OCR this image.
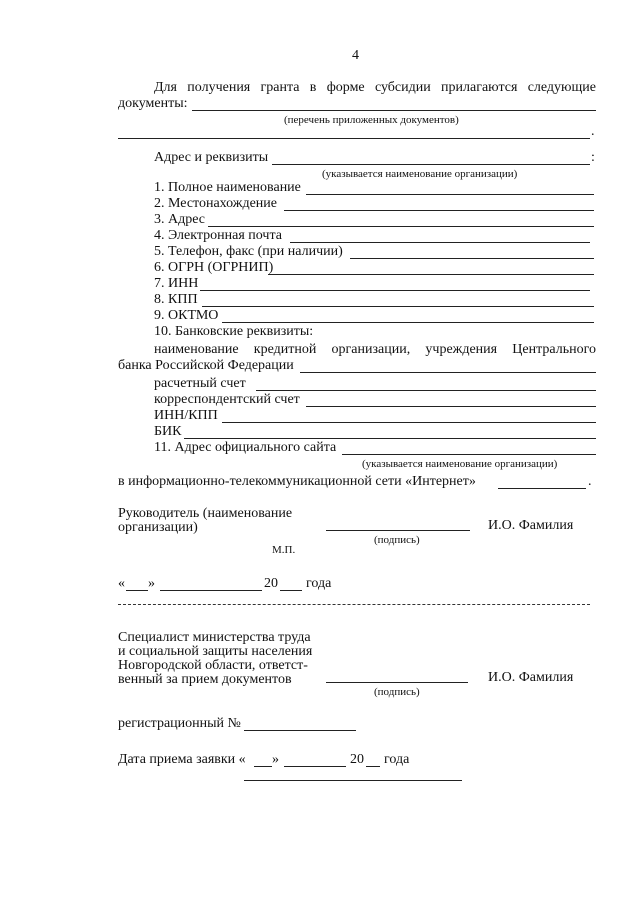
4
Для получения гранта в форме субсидии прилагаются следующие
документы:
(перечень приложенных документов)
.
Адрес и реквизиты	:
(указывается наименование организации)
1. Полное наименование
2. Местонахождение
3. Адрес
4. Электронная почта
5. Телефон, факс (при наличии)
6. ОГРН (ОГРНИП)
7. ИНН
8. КПП
9. ОКТМО
10. Банковские реквизиты:
наименование кредитной организации, учреждения Центрального
банка Российской Федерации
расчетный счет
корреспондентский счет
ИНН/КПП
БИК
11. Адрес официального сайта
(указывается наименование организации)
в информационно-телекоммуникационной сети «Интернет»	.
Руководитель (наименование
организации)	И.О. Фамилия
(подпись)
М.П.
« »	20 года
Специалист министерства труда
и социальной защиты населения
Новгородской области, ответст-
венный за прием документов	И.О. Фамилия
(подпись)
регистрационный №
Дата приема заявки « »	20 года
